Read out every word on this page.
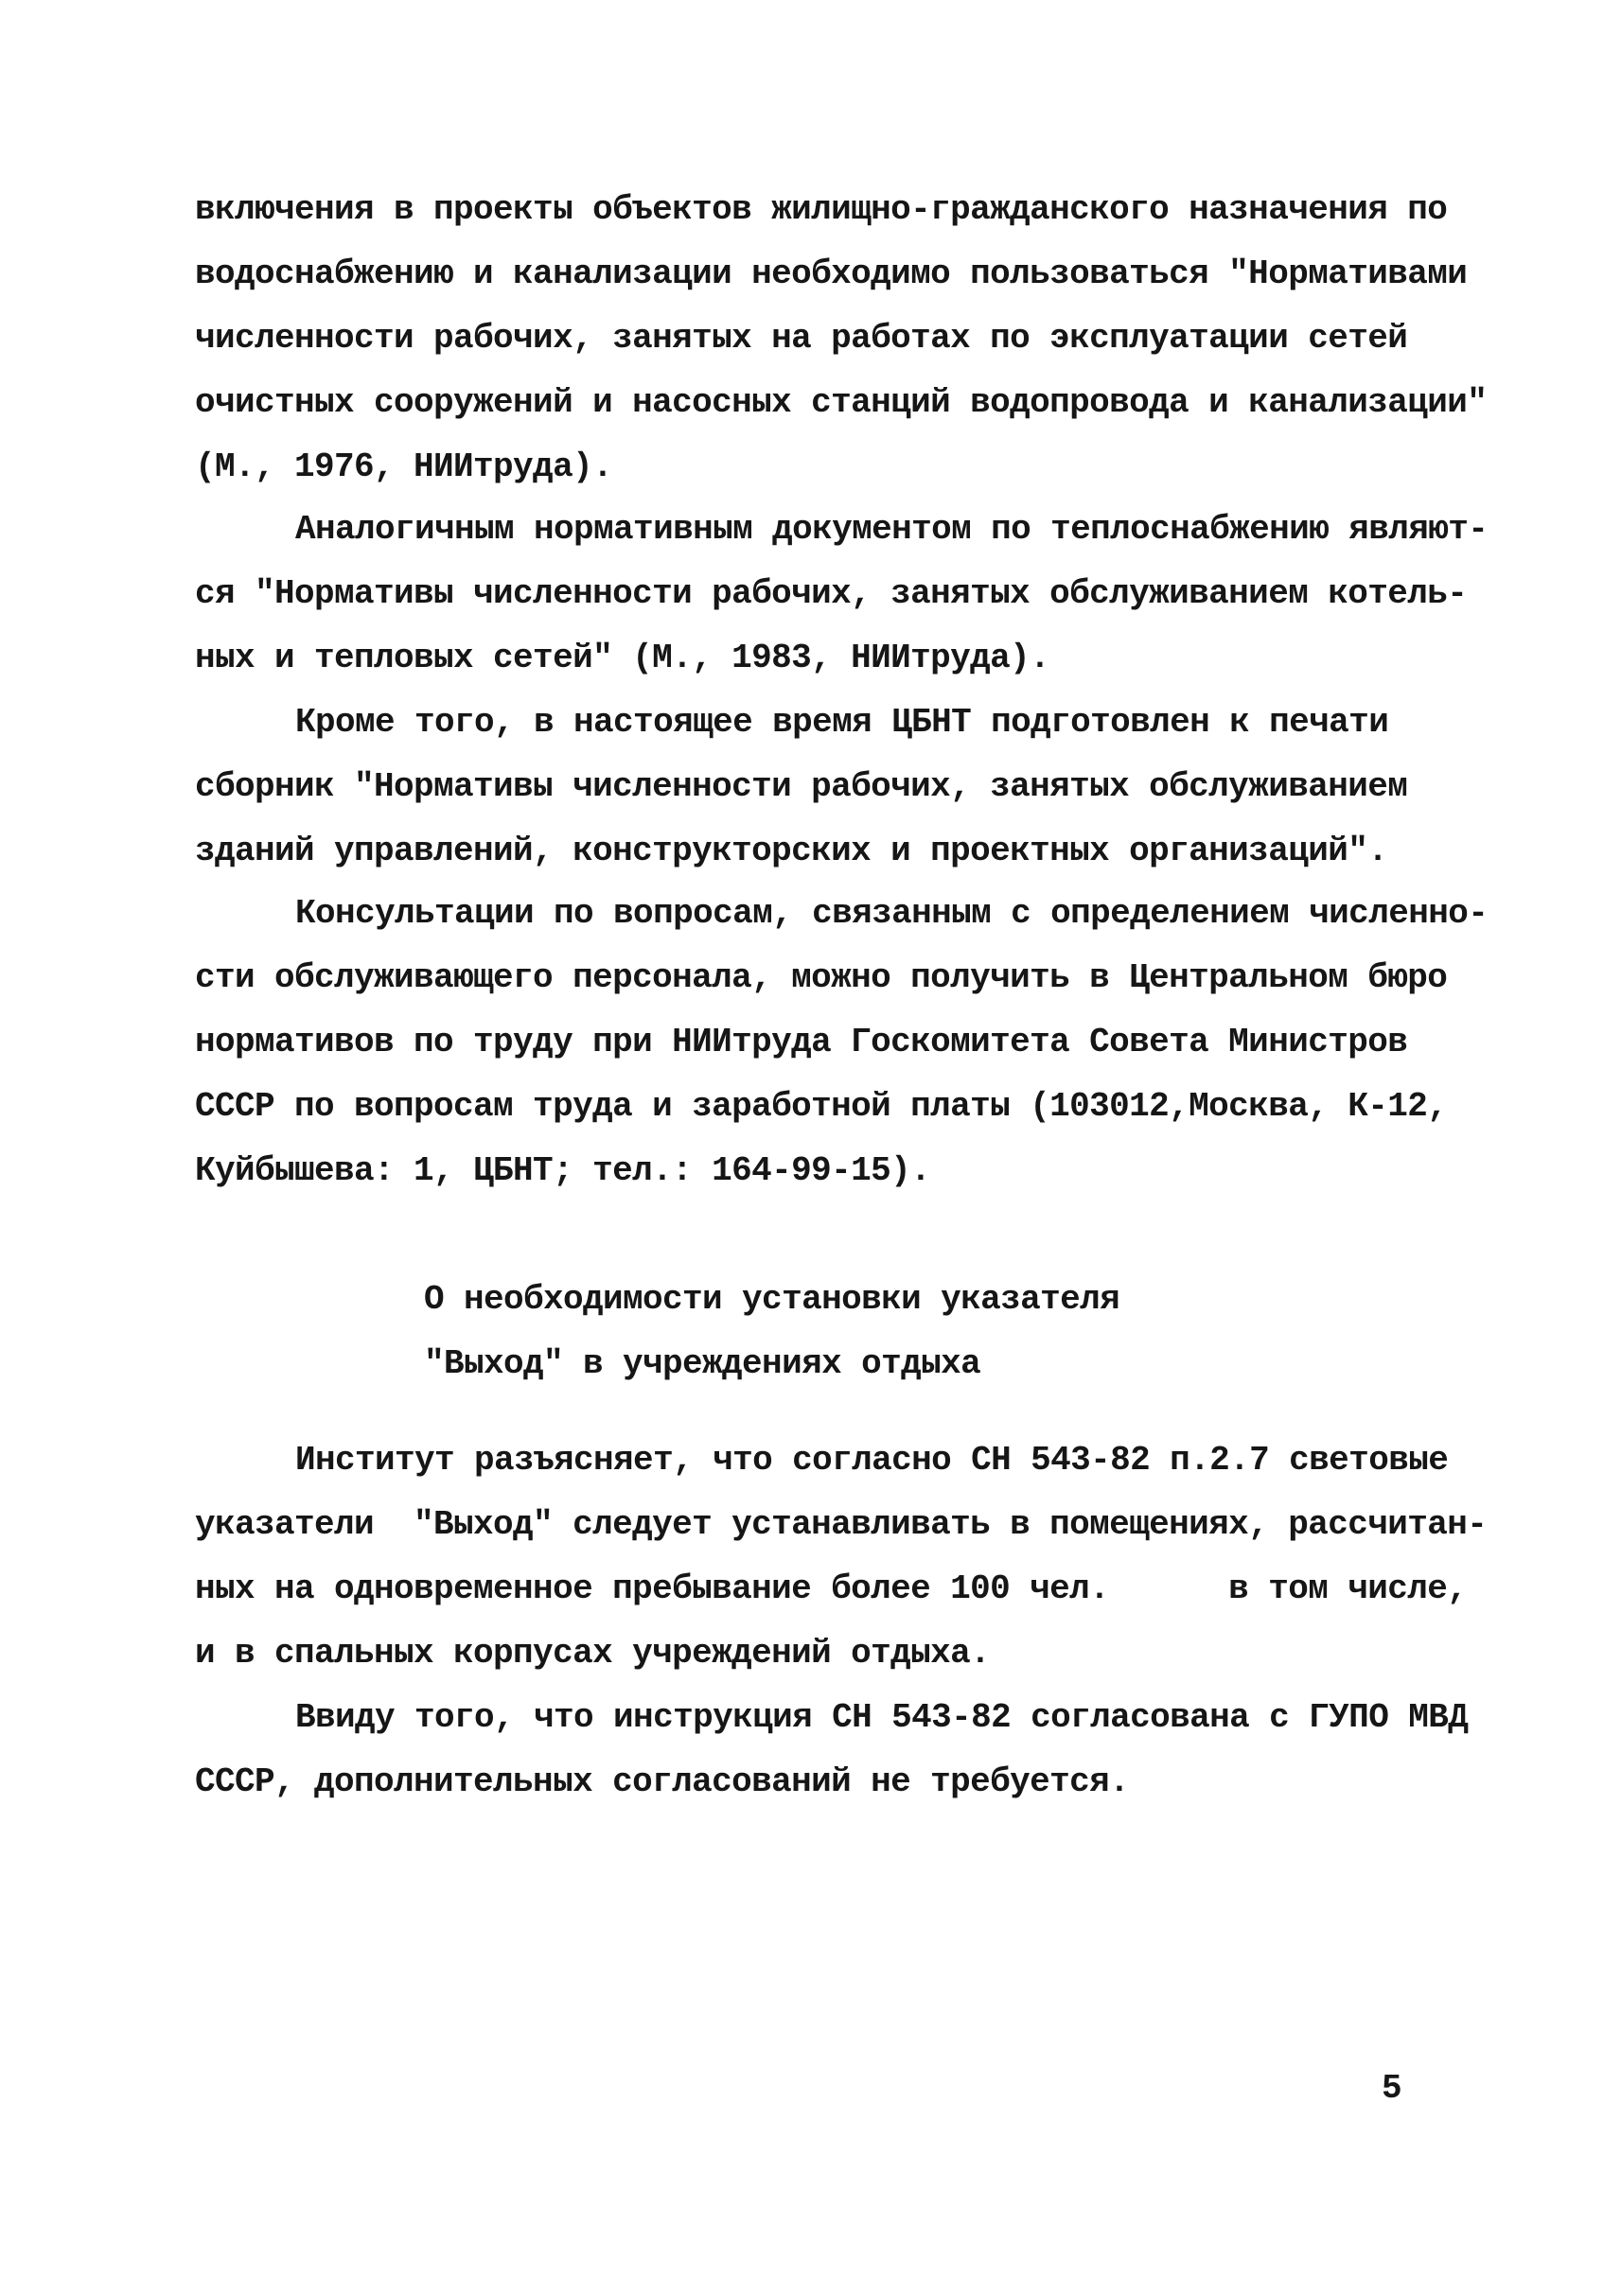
включения в проекты объектов жилищно-гражданского назначения по
водоснабжению и канализации необходимо пользоваться "Нормативами
численности рабочих, занятых на работах по эксплуатации сетей
очистных сооружений и насосных станций водопровода и канализации"
(М., 1976, НИИтруда).
Аналогичным нормативным документом по теплоснабжению являют-
ся "Нормативы численности рабочих, занятых обслуживанием котель-
ных и тепловых сетей" (М., 1983, НИИтруда).
Кроме того, в настоящее время ЦБНТ подготовлен к печати
сборник "Нормативы численности рабочих, занятых обслуживанием
зданий управлений, конструкторских и проектных организаций".
Консультации по вопросам, связанным с определением численно-
сти обслуживающего персонала, можно получить в Центральном бюро
нормативов по труду при НИИтруда Госкомитета Совета Министров
СССР по вопросам труда и заработной платы (103012,Москва, К-12,
Куйбышева: 1, ЦБНТ; тел.: 164-99-15).
О необходимости установки указателя
"Выход" в учреждениях отдыха
Институт разъясняет, что согласно СН 543-82 п.2.7 световые
указатели  "Выход" следует устанавливать в помещениях, рассчитан-
ных на одновременное пребывание более 100 чел.      в том числе,
и в спальных корпусах учреждений отдыха.
Ввиду того, что инструкция СН 543-82 согласована с ГУПО МВД
СССР, дополнительных согласований не требуется.
5
